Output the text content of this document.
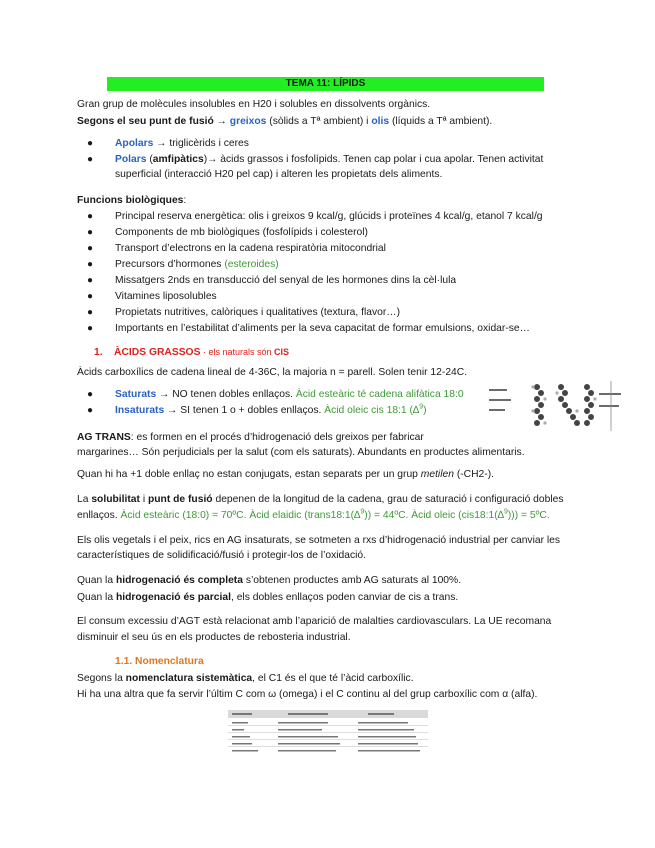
TEMA 11: LÍPIDS
Gran grup de molècules insolubles en H20 i solubles en dissolvents orgànics.
Segons el seu punt de fusió → greixos (sòlids a Tª ambient) i olis (líquids a Tª ambient).
● Apolars → triglicèrids i ceres
● Polars (amfipàtics)→ àcids grassos i fosfolípids. Tenen cap polar i cua apolar. Tenen activitat
superficial (interacció H20 pel cap) i alteren les propietats dels aliments.
Funcions biològiques:
● Principal reserva energètica: olis i greixos 9 kcal/g, glúcids i proteïnes 4 kcal/g, etanol 7 kcal/g
● Components de mb biològiques (fosfolípids i colesterol)
● Transport d’electrons en la cadena respiratòria mitocondrial
● Precursors d’hormones (esteroides)
● Missatgers 2nds en transducció del senyal de les hormones dins la cèl·lula
● Vitamines liposolubles
● Propietats nutritives, calòriques i qualitatives (textura, flavor…)
● Importants en l’estabilitat d’aliments per la seva capacitat de formar emulsions, oxidar-se…
1. ÀCIDS GRASSOS · els naturals són CIS
Àcids carboxílics de cadena lineal de 4-36C, la majoria n = parell. Solen tenir 12-24C.
● Saturats → NO tenen dobles enllaços. Àcid esteàric té cadena alifàtica 18:0
● Insaturats → SI tenen 1 o + dobles enllaços. Àcid oleic cis 18:1 (∆$^9$)
AG TRANS: es formen en el procés d’hidrogenació dels greixos per fabricar
margarines… Són perjudicials per la salut (com els saturats). Abundants en productes alimentaris.
Quan hi ha +1 doble enllaç no estan conjugats, estan separats per un grup metilen (-CH2-).
La solubilitat i punt de fusió depenen de la longitud de la cadena, grau de saturació i configuració dobles
enllaços. Àcid esteàric (18:0) = 70ºC. Àcid elaidic (trans18:1(∆$^9$)) = 44ºC. Àcid oleic (cis18:1(∆$^9$))) = 5ºC.
Els olis vegetals i el peix, rics en AG insaturats, se sotmeten a rxs d’hidrogenació industrial per canviar les
característiques de solidificació/fusió i protegir-los de l’oxidació.
Quan la hidrogenació és completa s’obtenen productes amb AG saturats al 100%.
Quan la hidrogenació és parcial, els dobles enllaços poden canviar de cis a trans.
El consum excessiu d’AGT està relacionat amb l’aparició de malalties cardiovasculars. La UE recomana
disminuir el seu ús en els productes de rebosteria industrial.
1.1. Nomenclatura
Segons la nomenclatura sistemàtica, el C1 és el que té l’àcid carboxílic.
Hi ha una altra que fa servir l’últim C com ω (omega) i el C continu al del grup carboxílic com α (alfa).
